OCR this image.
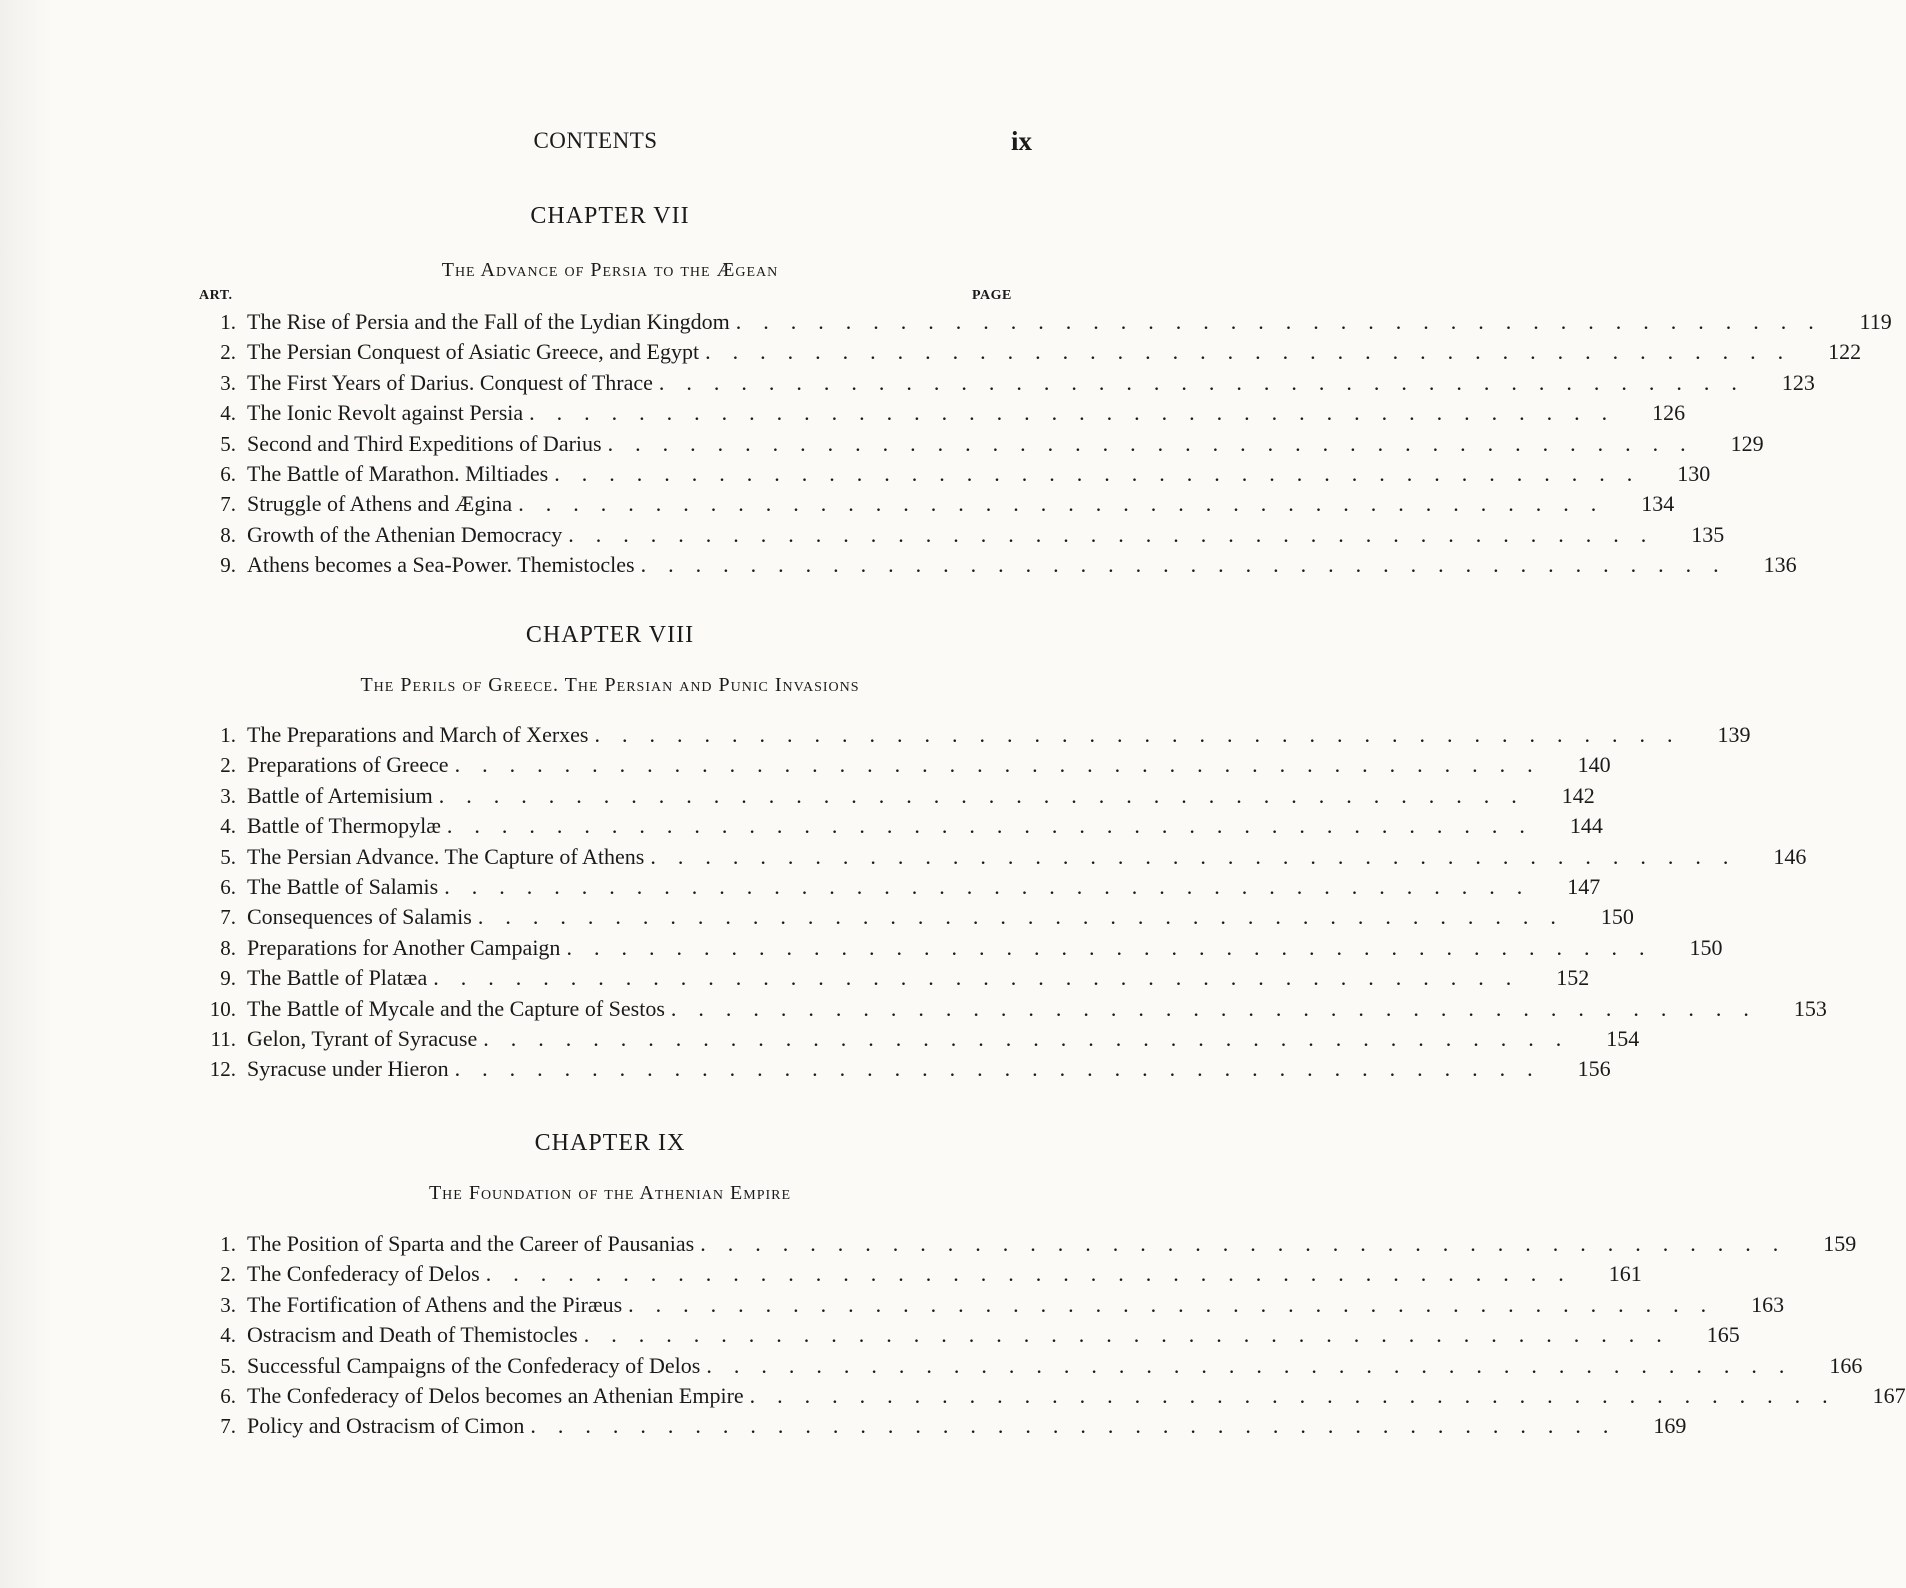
CONTENTS	ix
CHAPTER VII
The Advance of Persia to the Ægean
ART.	PAGE
1. The Rise of Persia and the Fall of the Lydian Kingdom ........................................	119
2. The Persian Conquest of Asiatic Greece, and Egypt ........................................	122
3. The First Years of Darius. Conquest of Thrace ........................................	123
4. The Ionic Revolt against Persia ........................................	126
5. Second and Third Expeditions of Darius ........................................	129
6. The Battle of Marathon. Miltiades ........................................	130
7. Struggle of Athens and Ægina ........................................	134
8. Growth of the Athenian Democracy ........................................	135
9. Athens becomes a Sea-Power. Themistocles ........................................	136
CHAPTER VIII
The Perils of Greece. The Persian and Punic Invasions
1. The Preparations and March of Xerxes ........................................	139
2. Preparations of Greece ........................................	140
3. Battle of Artemisium ........................................	142
4. Battle of Thermopylæ ........................................	144
5. The Persian Advance. The Capture of Athens ........................................	146
6. The Battle of Salamis ........................................	147
7. Consequences of Salamis ........................................	150
8. Preparations for Another Campaign ........................................	150
9. The Battle of Platæa ........................................	152
10. The Battle of Mycale and the Capture of Sestos ........................................	153
11. Gelon, Tyrant of Syracuse ........................................	154
12. Syracuse under Hieron ........................................	156
CHAPTER IX
The Foundation of the Athenian Empire
1. The Position of Sparta and the Career of Pausanias ........................................	159
2. The Confederacy of Delos ........................................	161
3. The Fortification of Athens and the Piræus ........................................	163
4. Ostracism and Death of Themistocles ........................................	165
5. Successful Campaigns of the Confederacy of Delos ........................................	166
6. The Confederacy of Delos becomes an Athenian Empire ........................................	167
7. Policy and Ostracism of Cimon ........................................	169
